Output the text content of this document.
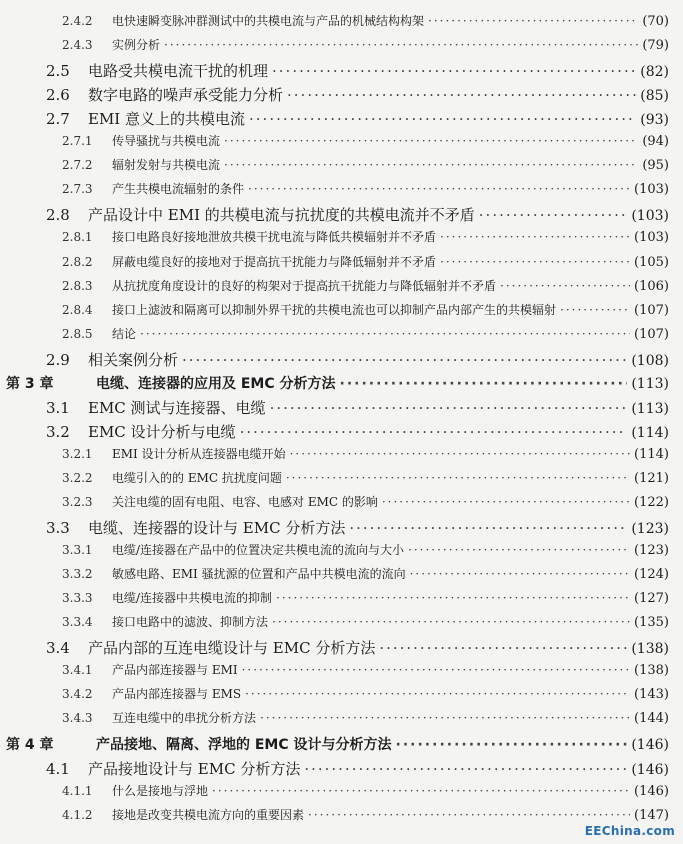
2.4.2	电快速瞬变脉冲群测试中的共模电流与产品的机械结构构架 ·····	(70)
2.4.3	实例分析 ·····	(79)
2.5	电路受共模电流干扰的机理 ·····	(82)
2.6	数字电路的噪声承受能力分析 ·····	(85)
2.7	EMI 意义上的共模电流 ·····	(93)
2.7.1	传导骚扰与共模电流 ·····	(94)
2.7.2	辐射发射与共模电流 ·····	(95)
2.7.3	产生共模电流辐射的条件 ·····	(103)
2.8	产品设计中 EMI 的共模电流与抗扰度的共模电流并不矛盾 ·····	(103)
2.8.1	接口电路良好接地泄放共模干扰电流与降低共模辐射并不矛盾 ·····	(103)
2.8.2	屏蔽电缆良好的接地对于提高抗干扰能力与降低辐射并不矛盾 ·····	(105)
2.8.3	从抗扰度角度设计的良好的构架对于提高抗干扰能力与降低辐射并不矛盾 ·····	(106)
2.8.4	接口上滤波和隔离可以抑制外界干扰的共模电流也可以抑制产品内部产生的共模辐射 ·····	(107)
2.8.5	结论 ·····	(107)
2.9	相关案例分析 ·····	(108)
第 3 章	电缆、连接器的应用及 EMC 分析方法 ·····	(113)
3.1	EMC 测试与连接器、电缆 ·····	(113)
3.2	EMC 设计分析与电缆 ·····	(114)
3.2.1	EMI 设计分析从连接器电缆开始 ·····	(114)
3.2.2	电缆引入的的 EMC 抗扰度问题 ·····	(121)
3.2.3	关注电缆的固有电阻、电容、电感对 EMC 的影响 ·····	(122)
3.3	电缆、连接器的设计与 EMC 分析方法 ·····	(123)
3.3.1	电缆/连接器在产品中的位置决定共模电流的流向与大小 ·····	(123)
3.3.2	敏感电路、EMI 骚扰源的位置和产品中共模电流的流向 ·····	(124)
3.3.3	电缆/连接器中共模电流的抑制 ·····	(127)
3.3.4	接口电路中的滤波、抑制方法 ·····	(135)
3.4	产品内部的互连电缆设计与 EMC 分析方法 ·····	(138)
3.4.1	产品内部连接器与 EMI ·····	(138)
3.4.2	产品内部连接器与 EMS ·····	(143)
3.4.3	互连电缆中的串扰分析方法 ·····	(144)
第 4 章	产品接地、隔离、浮地的 EMC 设计与分析方法 ·····	(146)
4.1	产品接地设计与 EMC 分析方法 ·····	(146)
4.1.1	什么是接地与浮地 ·····	(146)
4.1.2	接地是改变共模电流方向的重要因素 ·····	(147)
EEChina.com
